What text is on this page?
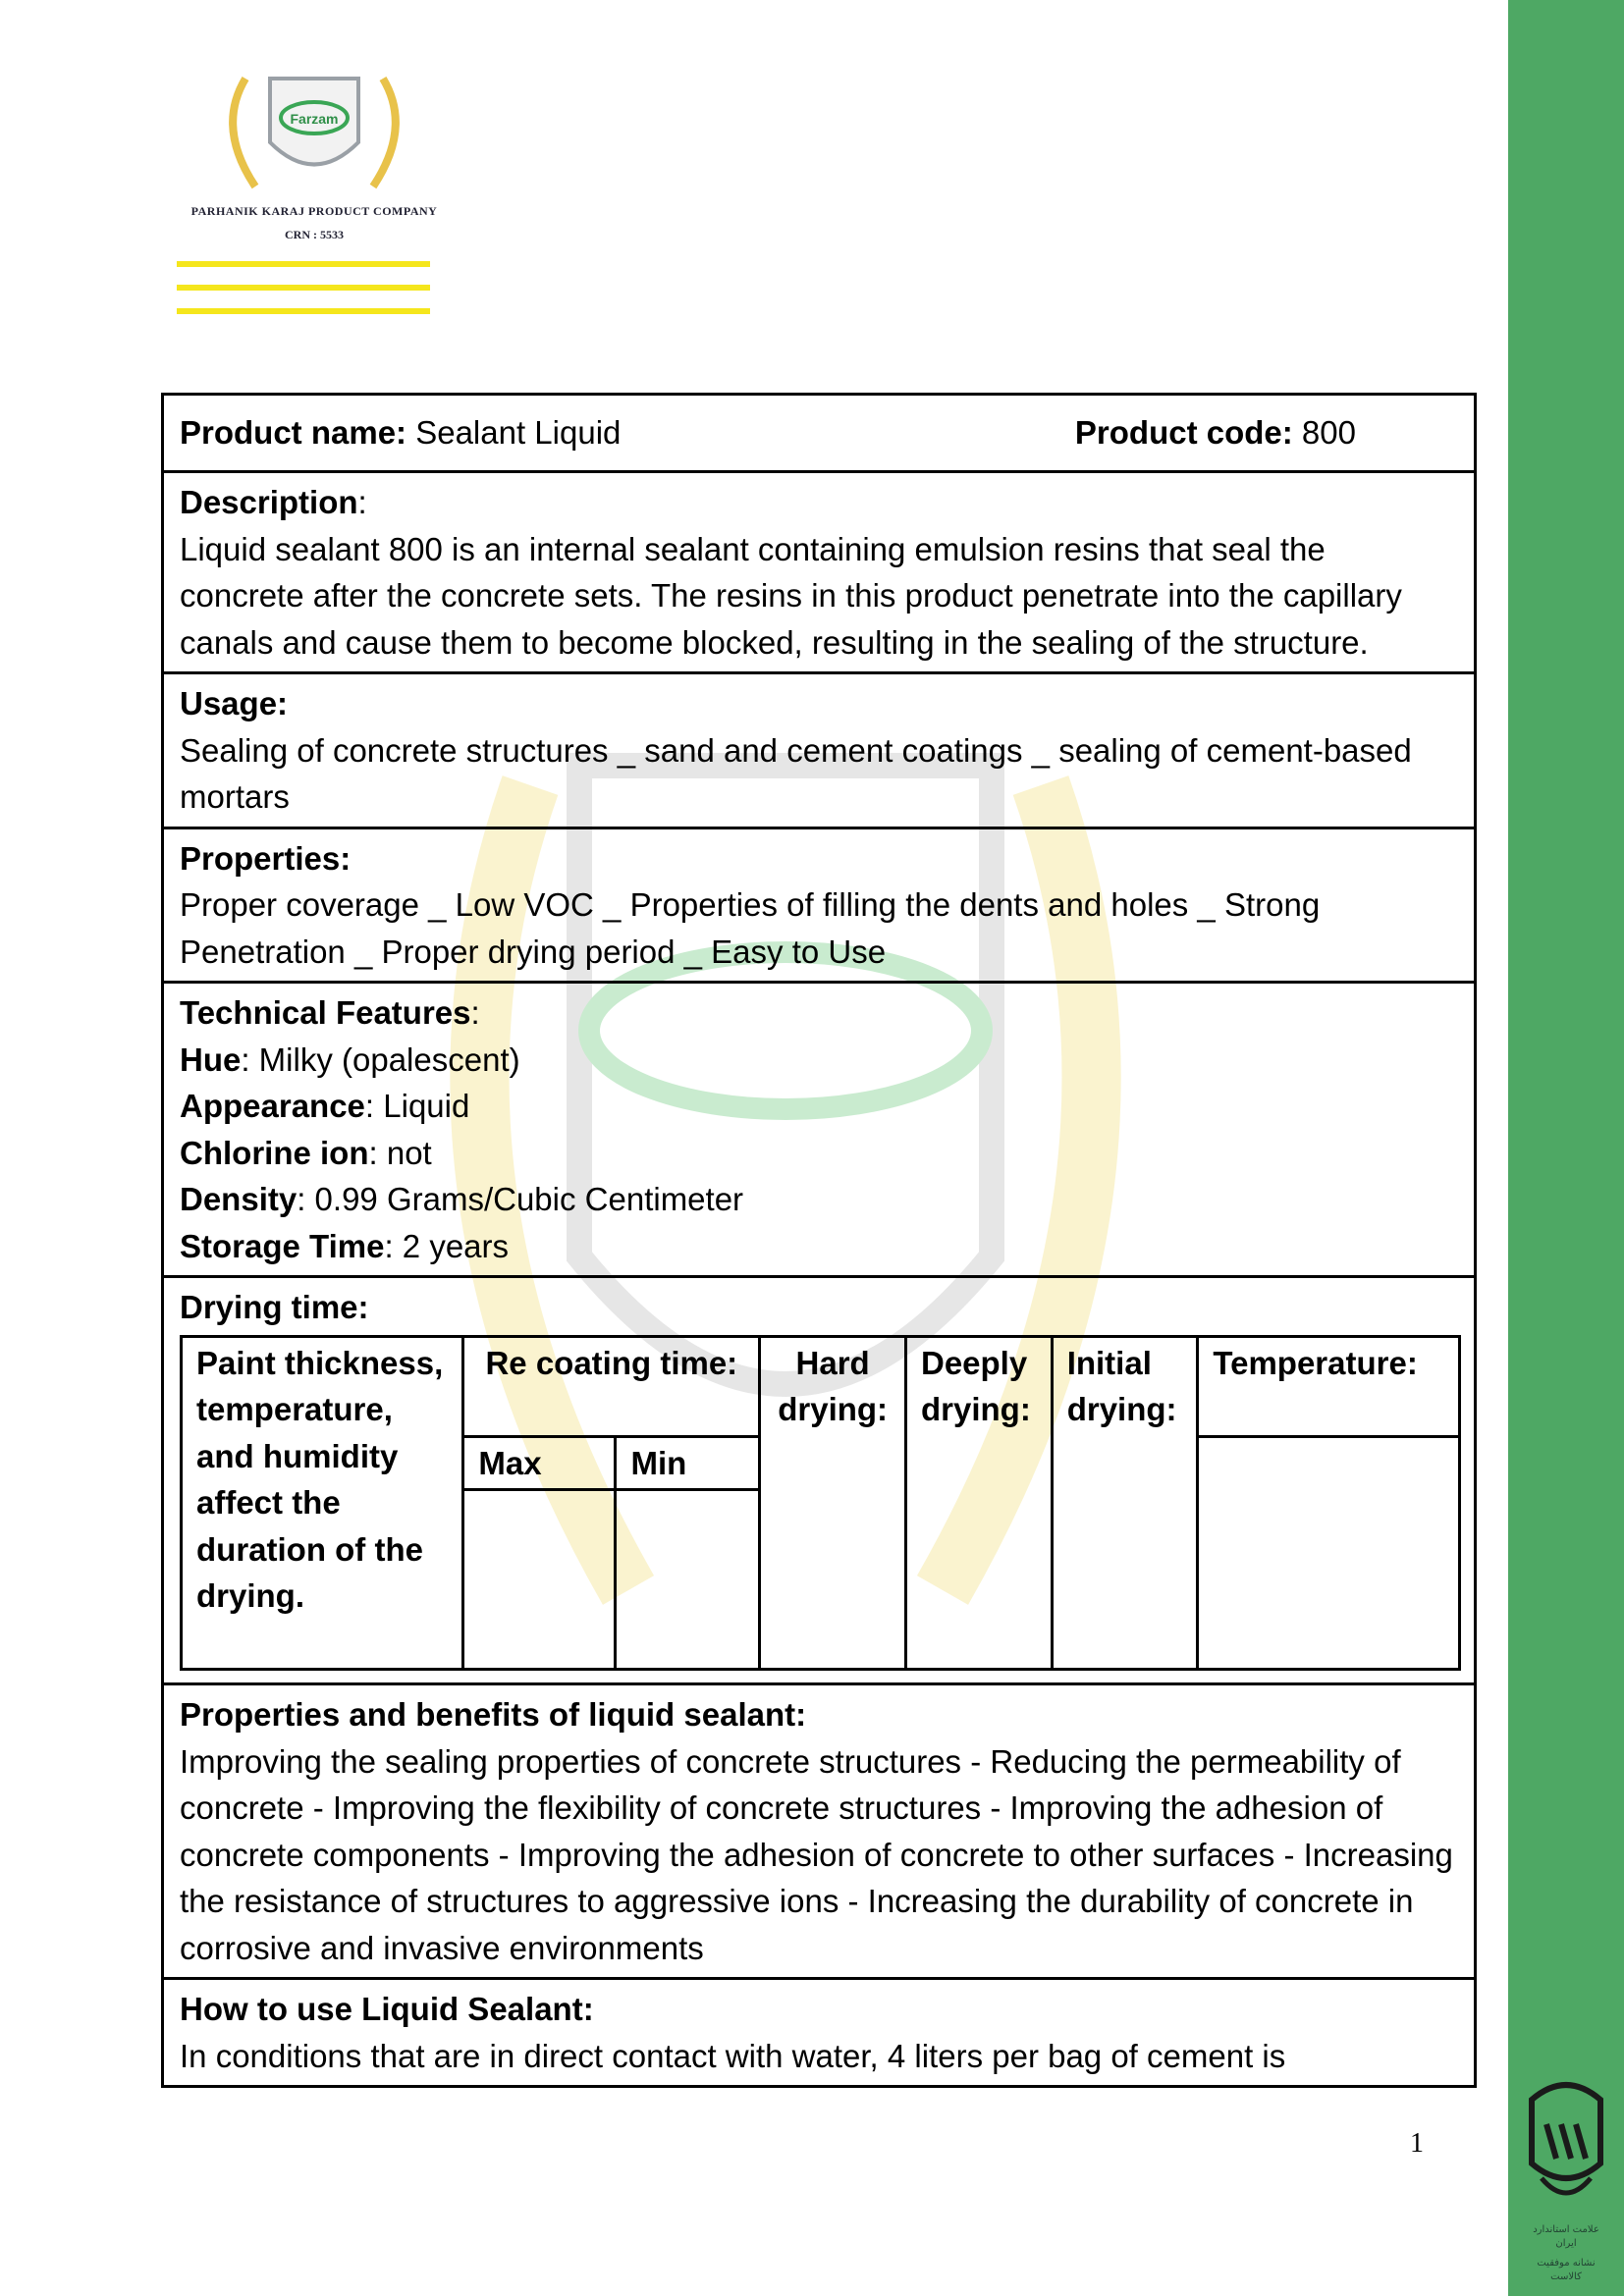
علامت استاندارد ایران
نشانه موفقیت کالاست
Farzam
PARHANIK KARAJ PRODUCT COMPANY
CRN : 5533
Product name: Sealant Liquid	Product code: 800
Description:
Liquid sealant 800 is an internal sealant containing emulsion resins that seal the concrete after the concrete sets. The resins in this product penetrate into the capillary canals and cause them to become blocked, resulting in the sealing of the structure.
Usage:
Sealing of concrete structures _ sand and cement coatings _ sealing of cement-based mortars
Properties:
Proper coverage _ Low VOC _ Properties of filling the dents and holes _ Strong Penetration _ Proper drying period _ Easy to Use
Technical Features:
Hue: Milky (opalescent)
Appearance: Liquid
Chlorine ion: not
Density: 0.99 Grams/Cubic Centimeter
Storage Time: 2 years
Drying time:
Paint thickness, temperature, and humidity affect the duration of the drying.	Re coating time:		Hard drying:	Deeply drying:	Initial drying:	Temperature:
	Max	Min				

Properties and benefits of liquid sealant:
Improving the sealing properties of concrete structures - Reducing the permeability of concrete - Improving the flexibility of concrete structures - Improving the adhesion of concrete components - Improving the adhesion of concrete to other surfaces - Increasing the resistance of structures to aggressive ions - Increasing the durability of concrete in corrosive and invasive environments
How to use Liquid Sealant:
In conditions that are in direct contact with water, 4 liters per bag of cement is
1
